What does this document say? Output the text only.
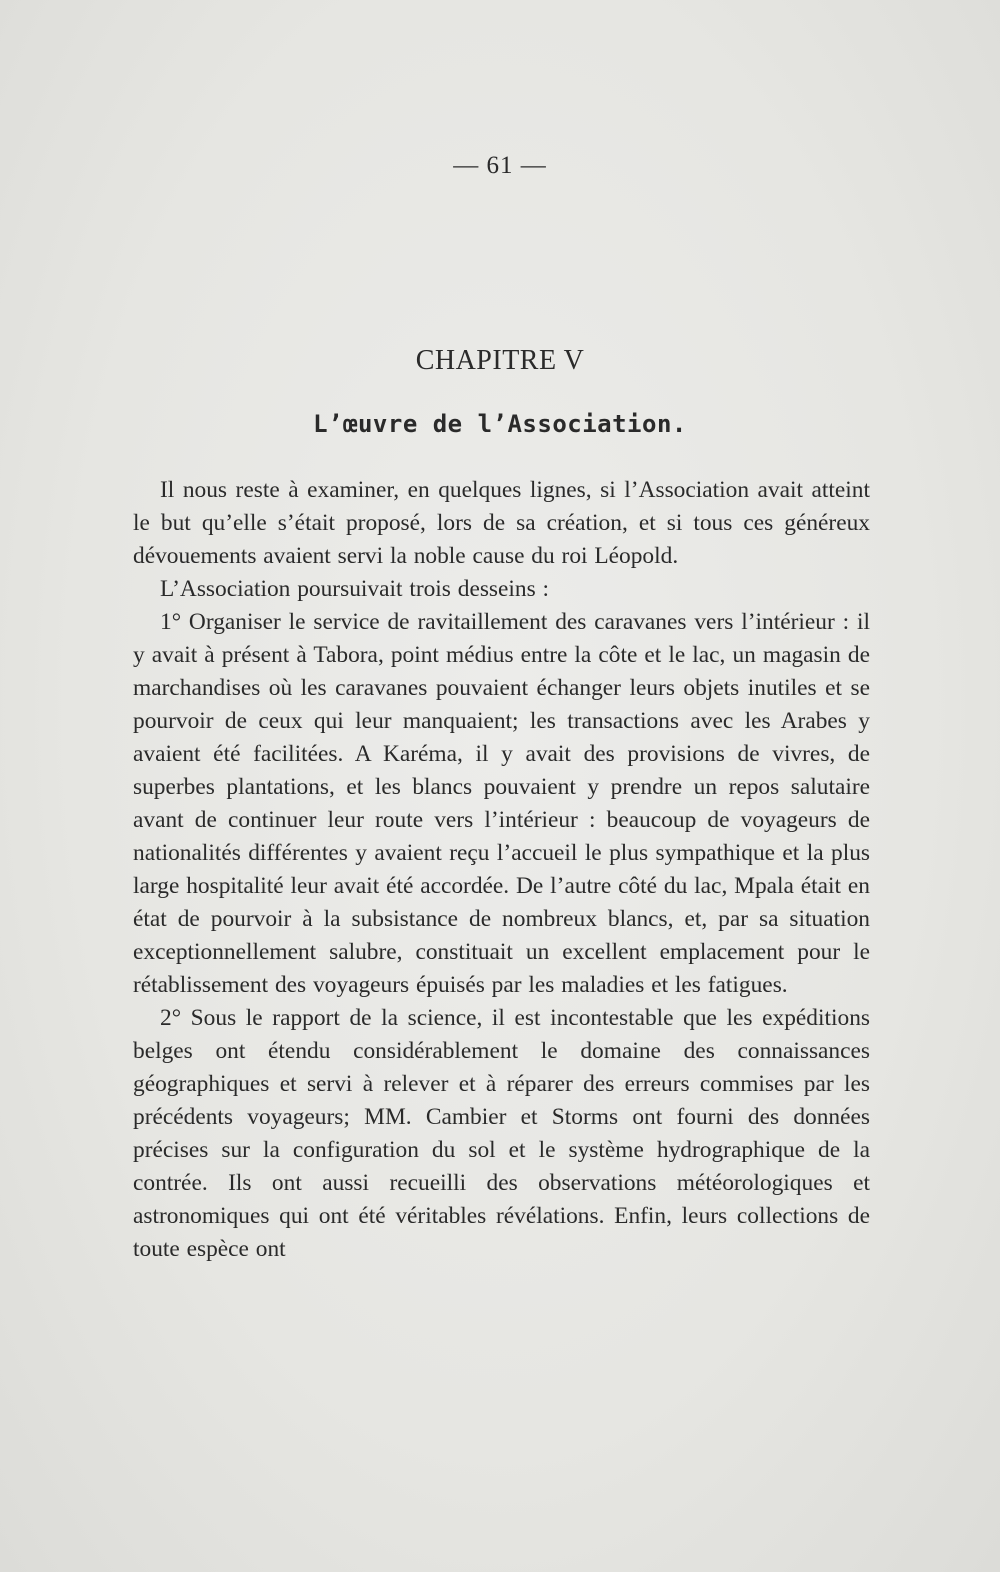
— 61 —
CHAPITRE V
L’œuvre de l’Association.

Il nous reste à examiner, en quelques lignes, si l’Association avait atteint le but qu’elle s’était proposé, lors de sa création, et si tous ces généreux dévouements avaient servi la noble cause du roi Léopold.

L’Association poursuivait trois desseins :

1° Organiser le service de ravitaillement des caravanes vers l’intérieur : il y avait à présent à Tabora, point médius entre la côte et le lac, un magasin de marchandises où les caravanes pouvaient échanger leurs objets inutiles et se pourvoir de ceux qui leur manquaient; les transactions avec les Arabes y avaient été facilitées. A Karéma, il y avait des provisions de vivres, de superbes plantations, et les blancs pouvaient y prendre un repos salutaire avant de continuer leur route vers l’intérieur : beaucoup de voyageurs de nationalités différentes y avaient reçu l’accueil le plus sympathique et la plus large hospitalité leur avait été accordée. De l’autre côté du lac, Mpala était en état de pourvoir à la subsistance de nombreux blancs, et, par sa situation exceptionnellement salubre, constituait un excellent emplacement pour le rétablissement des voyageurs épuisés par les maladies et les fatigues.

2° Sous le rapport de la science, il est incontestable que les expéditions belges ont étendu considérablement le domaine des connaissances géographiques et servi à relever et à réparer des erreurs commises par les précédents voyageurs; MM. Cambier et Storms ont fourni des données précises sur la configuration du sol et le système hydrographique de la contrée. Ils ont aussi recueilli des observations météorologiques et astronomiques qui ont été véritables révélations. Enfin, leurs collections de toute espèce ont
